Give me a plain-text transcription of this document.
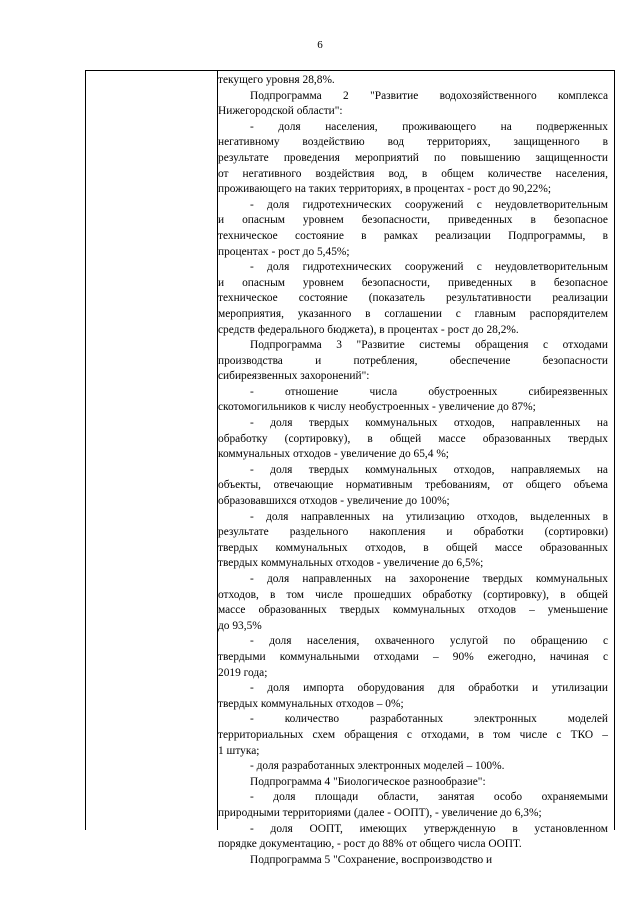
6
текущего уровня 28,8%.
Подпрограмма 2 "Развитие водохозяйственного комплекса
Нижегородской области":
- доля населения, проживающего на подверженных
негативному воздействию вод территориях, защищенного в
результате проведения мероприятий по повышению защищенности
от негативного воздействия вод, в общем количестве населения,
проживающего на таких территориях, в процентах - рост до 90,22%;
- доля гидротехнических сооружений с неудовлетворительным
и опасным уровнем безопасности, приведенных в безопасное
техническое состояние в рамках реализации Подпрограммы, в
процентах - рост до 5,45%;
- доля гидротехнических сооружений с неудовлетворительным
и опасным уровнем безопасности, приведенных в безопасное
техническое состояние (показатель результативности реализации
мероприятия, указанного в соглашении с главным распорядителем
средств федерального бюджета), в процентах - рост до 28,2%.
Подпрограмма 3 "Развитие системы обращения с отходами
производства и потребления, обеспечение безопасности
сибиреязвенных захоронений":
- отношение числа обустроенных сибиреязвенных
скотомогильников к числу необустроенных - увеличение до 87%;
- доля твердых коммунальных отходов, направленных на
обработку (сортировку), в общей массе образованных твердых
коммунальных отходов - увеличение до 65,4 %;
- доля твердых коммунальных отходов, направляемых на
объекты, отвечающие нормативным требованиям, от общего объема
образовавшихся отходов - увеличение до 100%;
- доля направленных на утилизацию отходов, выделенных в
результате раздельного накопления и обработки (сортировки)
твердых коммунальных отходов, в общей массе образованных
твердых коммунальных отходов - увеличение до 6,5%;
- доля направленных на захоронение твердых коммунальных
отходов, в том числе прошедших обработку (сортировку), в общей
массе образованных твердых коммунальных отходов – уменьшение
до 93,5%
- доля населения, охваченного услугой по обращению с
твердыми коммунальными отходами – 90% ежегодно, начиная с
2019 года;
- доля импорта оборудования для обработки и утилизации
твердых коммунальных отходов – 0%;
- количество разработанных электронных моделей
территориальных схем обращения с отходами, в том числе с ТКО –
1 штука;
- доля разработанных электронных моделей – 100%.
Подпрограмма 4 "Биологическое разнообразие":
- доля площади области, занятая особо охраняемыми
природными территориями (далее - ООПТ), - увеличение до 6,3%;
- доля ООПТ, имеющих утвержденную в установленном
порядке документацию, - рост до 88% от общего числа ООПТ.
Подпрограмма 5 "Сохранение, воспроизводство и
